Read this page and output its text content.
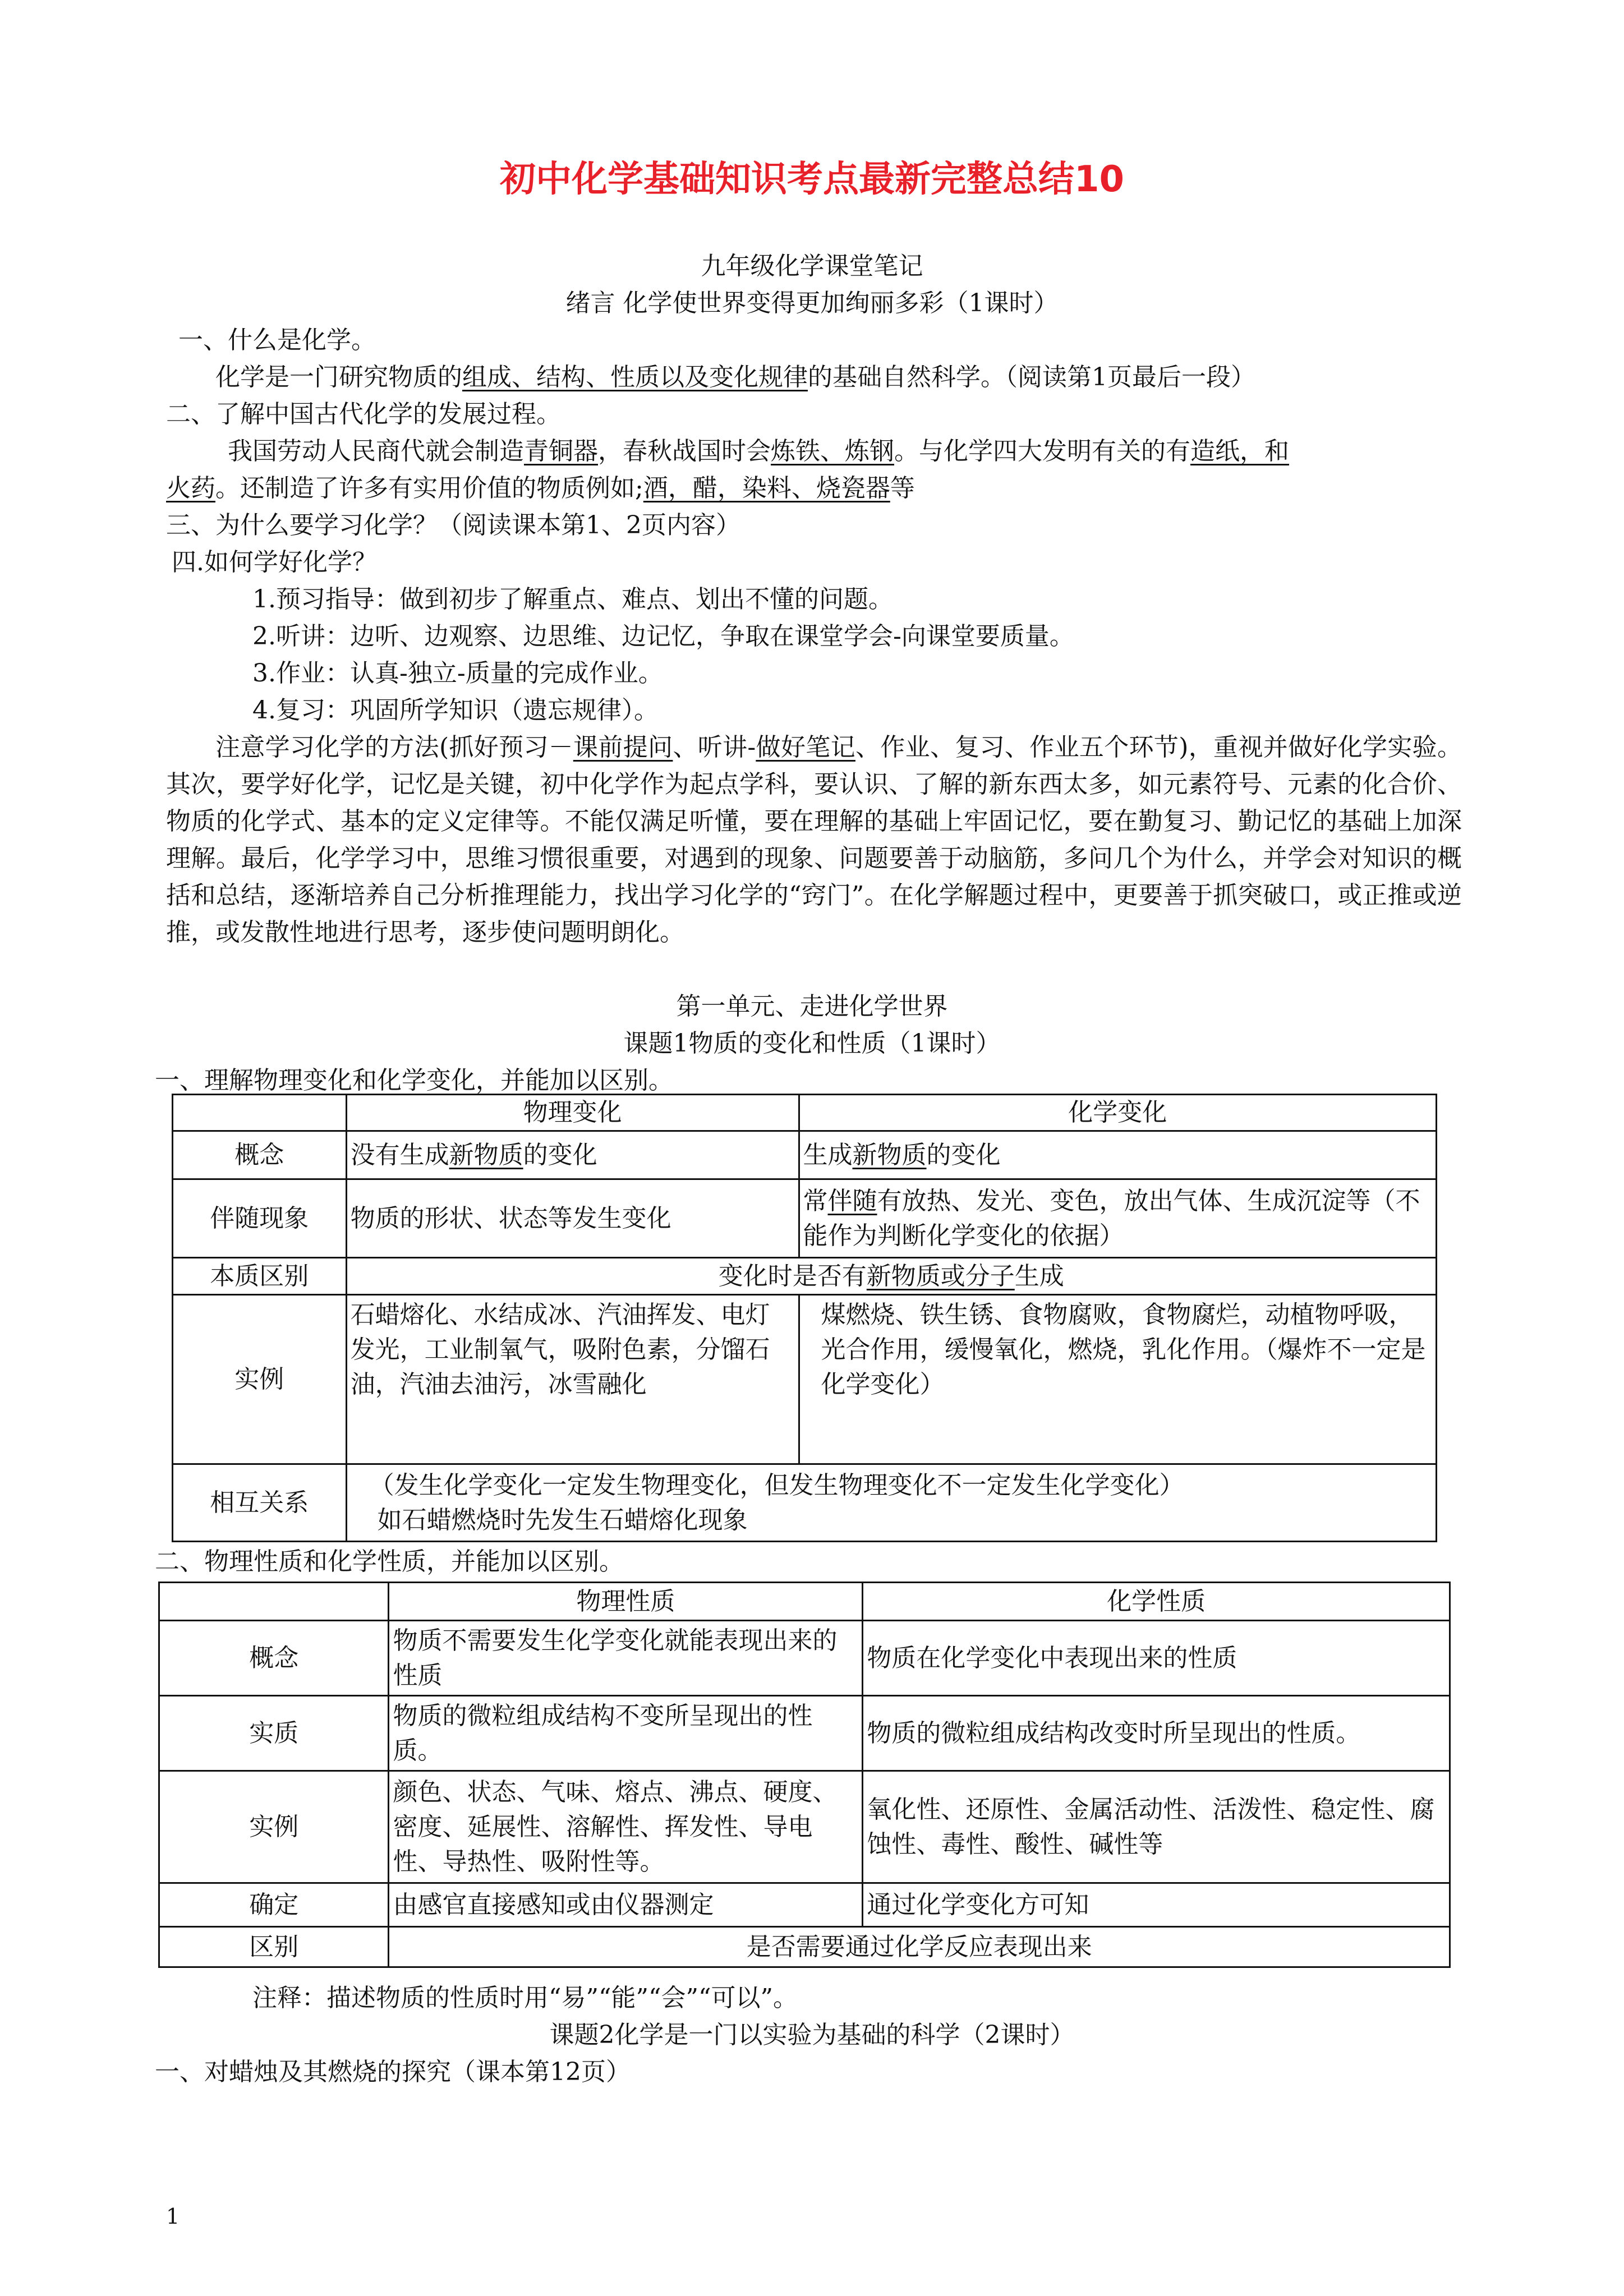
初中化学基础知识考点最新完整总结10
九年级化学课堂笔记
绪言 化学使世界变得更加绚丽多彩（1课时）
一、什么是化学。
化学是一门研究物质的组成、结构、性质以及变化规律的基础自然科学。（阅读第1页最后一段）
二、了解中国古代化学的发展过程。
我国劳动人民商代就会制造青铜器，春秋战国时会炼铁、炼钢。与化学四大发明有关的有造纸，和
火药。还制造了许多有实用价值的物质例如;酒，醋，染料、烧瓷器等
三、为什么要学习化学？（阅读课本第1、2页内容）
四.如何学好化学？
1.预习指导：做到初步了解重点、难点、划出不懂的问题。
2.听讲：边听、边观察、边思维、边记忆，争取在课堂学会-向课堂要质量。
3.作业：认真-独立-质量的完成作业。
4.复习：巩固所学知识（遗忘规律）。
注意学习化学的方法(抓好预习－课前提问、听讲-做好笔记、作业、复习、作业五个环节)，重视并做好化学实验。其次，要学好化学，记忆是关键，初中化学作为起点学科，要认识、了解的新东西太多，如元素符号、元素的化合价、物质的化学式、基本的定义定律等。不能仅满足听懂，要在理解的基础上牢固记忆，要在勤复习、勤记忆的基础上加深理解。最后，化学学习中，思维习惯很重要，对遇到的现象、问题要善于动脑筋，多问几个为什么，并学会对知识的概括和总结，逐渐培养自己分析推理能力，找出学习化学的“窍门”。在化学解题过程中，更要善于抓突破口，或正推或逆推，或发散性地进行思考，逐步使问题明朗化。
第一单元、走进化学世界
课题1物质的变化和性质（1课时）
一、理解物理变化和化学变化，并能加以区别。
	物理变化	化学变化
概念	没有生成新物质的变化	生成新物质的变化
伴随现象	物质的形状、状态等发生变化	常伴随有放热、发光、变色，放出气体、生成沉淀等（不能作为判断化学变化的依据）
本质区别	变化时是否有新物质或分子生成	
实例	石蜡熔化、水结成冰、汽油挥发、电灯发光，工业制氧气，吸附色素，分馏石油，汽油去油污，冰雪融化	煤燃烧、铁生锈、食物腐败，食物腐烂，动植物呼吸，光合作用，缓慢氧化，燃烧，乳化作用。（爆炸不一定是化学变化）
相互关系	（发生化学变化一定发生物理变化，但发生物理变化不一定发生化学变化）
如石蜡燃烧时先发生石蜡熔化现象	
二、物理性质和化学性质，并能加以区别。
	物理性质	化学性质
概念	物质不需要发生化学变化就能表现出来的性质	物质在化学变化中表现出来的性质
实质	物质的微粒组成结构不变所呈现出的性质。	物质的微粒组成结构改变时所呈现出的性质。
实例	颜色、状态、气味、熔点、沸点、硬度、密度、延展性、溶解性、挥发性、导电性、导热性、吸附性等。	氧化性、还原性、金属活动性、活泼性、稳定性、腐蚀性、毒性、酸性、碱性等
确定	由感官直接感知或由仪器测定	通过化学变化方可知
区别	是否需要通过化学反应表现出来	
注释：描述物质的性质时用“易”“能”“会”“可以”。
课题2化学是一门以实验为基础的科学（2课时）
一、对蜡烛及其燃烧的探究（课本第12页）
1
